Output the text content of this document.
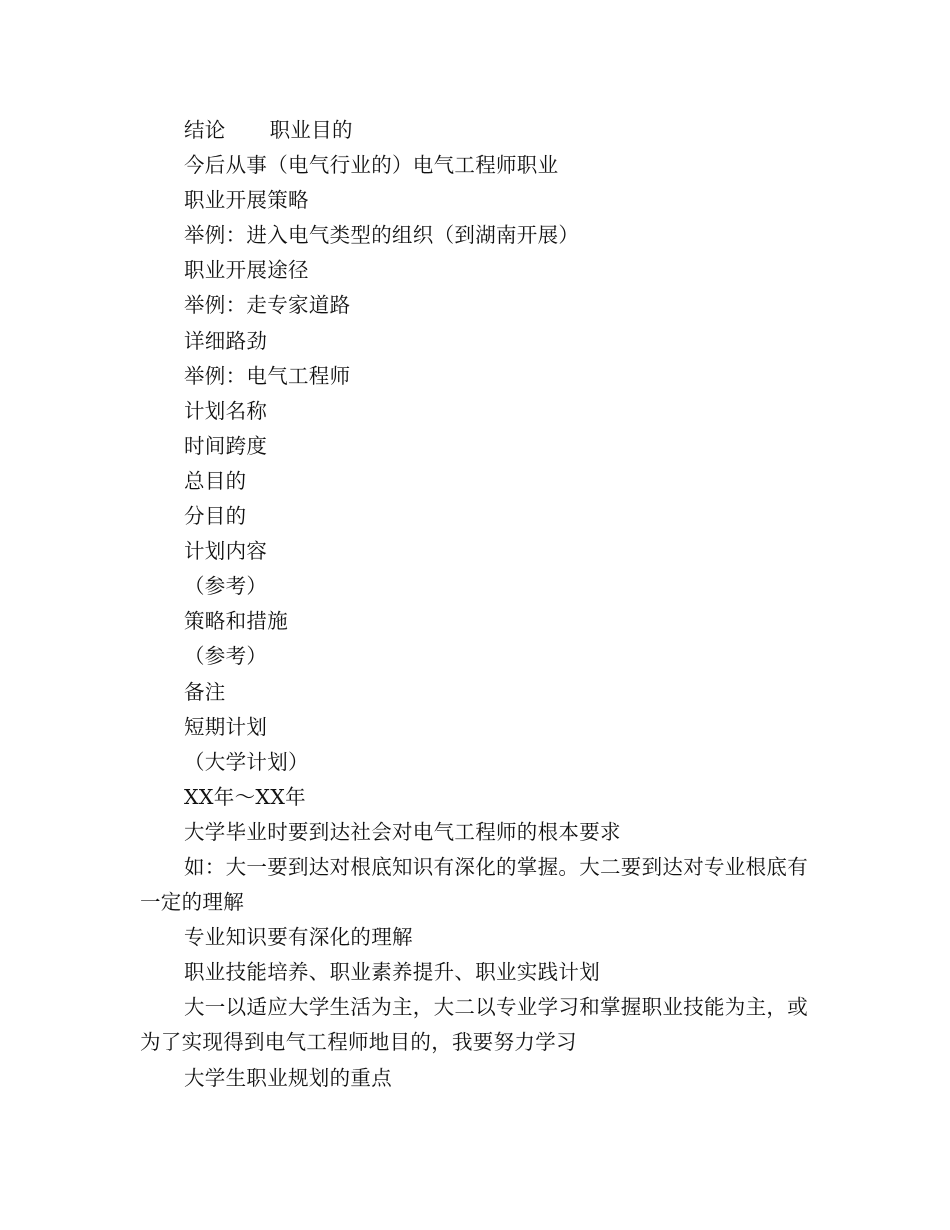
结论 职业目的

今后从事（电气行业的）电气工程师职业

职业开展策略

举例：进入电气类型的组织（到湖南开展）

职业开展途径

举例：走专家道路

详细路劲

举例：电气工程师

计划名称

时间跨度

总目的

分目的

计划内容

（参考）

策略和措施

（参考）

备注

短期计划

（大学计划）

XX年～XX年

大学毕业时要到达社会对电气工程师的根本要求

如：大一要到达对根底知识有深化的掌握。大二要到达对专业根底有一定的理解

专业知识要有深化的理解

职业技能培养、职业素养提升、职业实践计划

大一以适应大学生活为主，大二以专业学习和掌握职业技能为主，或为了实现得到电气工程师地目的，我要努力学习

大学生职业规划的重点
